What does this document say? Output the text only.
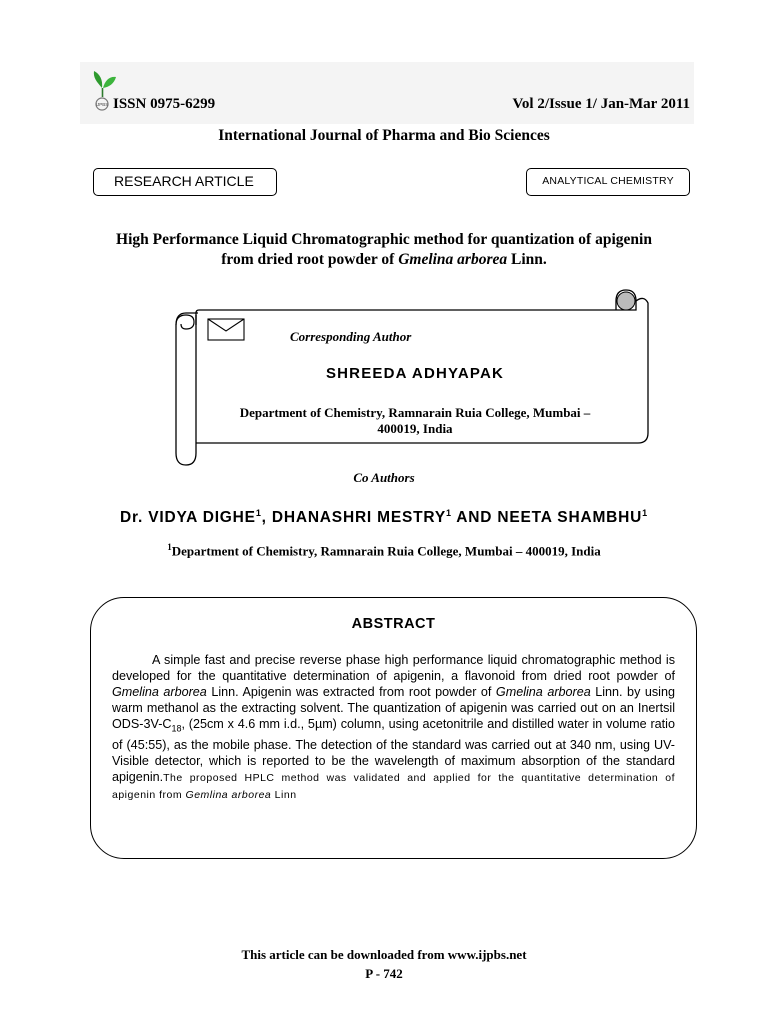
IJPBS ISSN 0975-6299	Vol 2/Issue 1/ Jan-Mar 2011
International Journal of Pharma and Bio Sciences
RESEARCH ARTICLE	ANALYTICAL CHEMISTRY
High Performance Liquid Chromatographic method for quantization of apigenin
from dried root powder of Gmelina arborea Linn.
Corresponding Author
SHREEDA ADHYAPAK
Department of Chemistry, Ramnarain Ruia College, Mumbai –
400019, India
Co Authors
Dr. VIDYA DIGHE$^1$, DHANASHRI MESTRY$^1$ AND NEETA SHAMBHU$^1$
$^1$Department of Chemistry, Ramnarain Ruia College, Mumbai – 400019, India
ABSTRACT
A simple fast and precise reverse phase high performance liquid chromatographic method is developed for the quantitative determination of apigenin, a flavonoid from dried root powder of Gmelina arborea Linn. Apigenin was extracted from root powder of Gmelina arborea Linn. by using warm methanol as the extracting solvent. The quantization of apigenin was carried out on an Inertsil ODS-$3V-C_{18}$, (25cm x 4.6 mm i.d., 5µm) column, using acetonitrile and distilled water in volume ratio of (45:55), as the mobile phase. The detection of the standard was carried out at 340 nm, using UV-Visible detector, which is reported to be the wavelength of maximum absorption of the standard apigenin.The proposed HPLC method was validated and applied for the quantitative determination of apigenin from Gemlina arborea Linn
This article can be downloaded from www.ijpbs.net
P - 742
